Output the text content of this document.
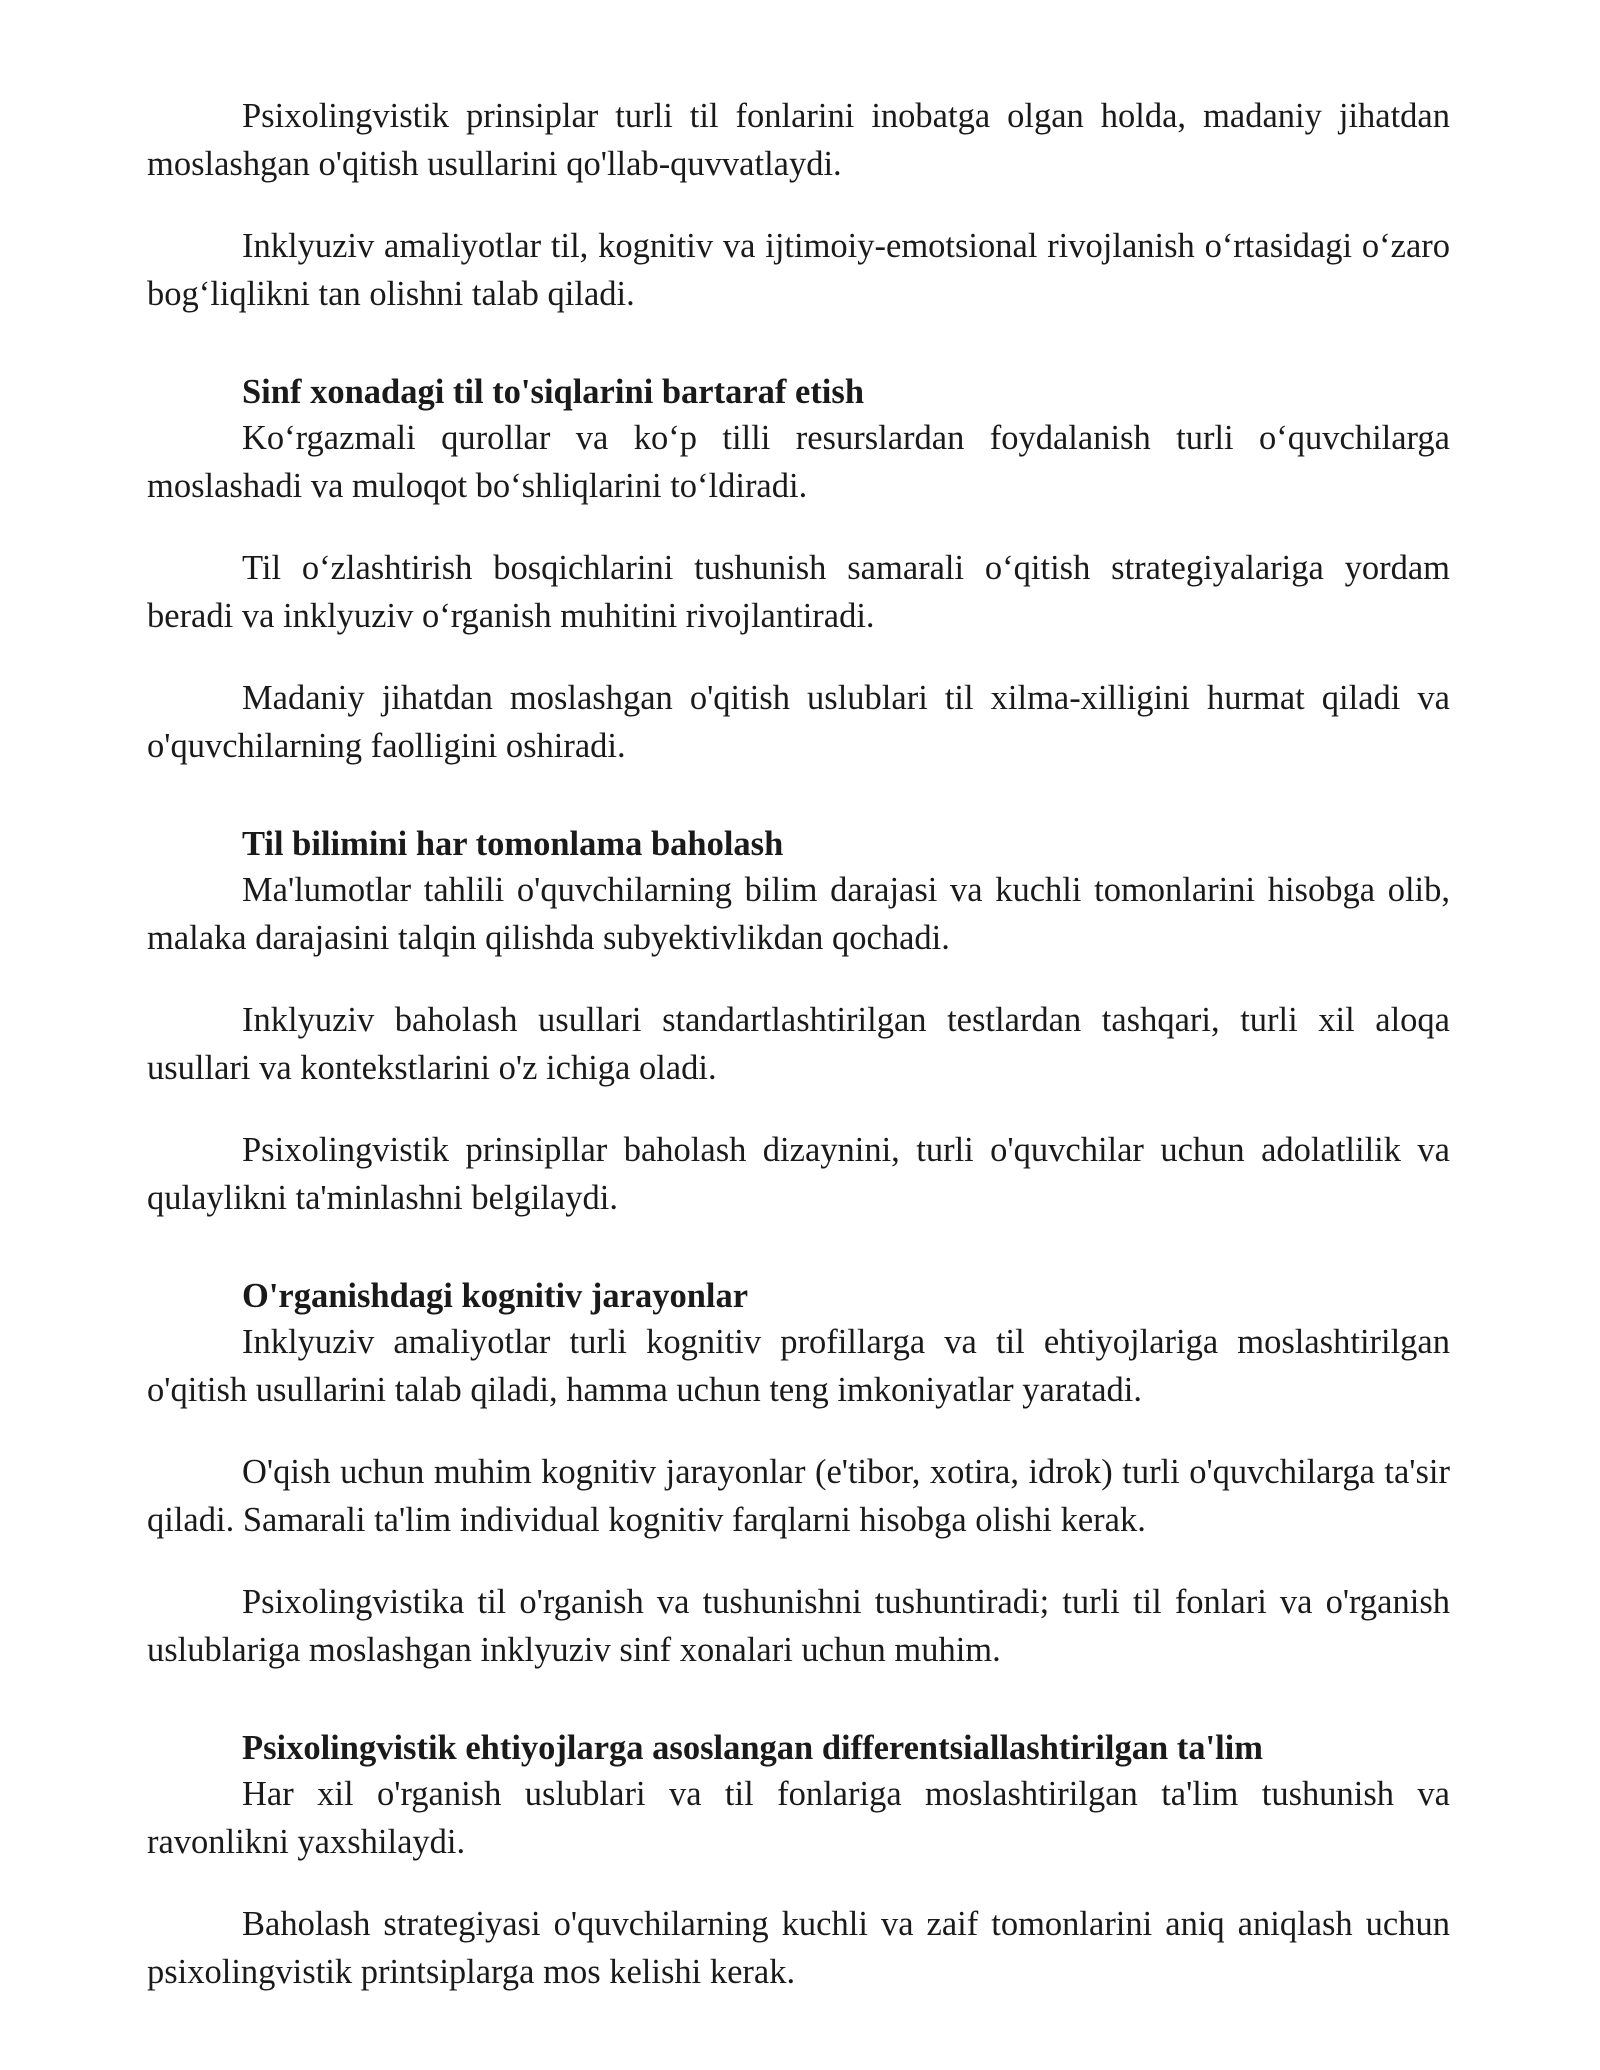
Psixolingvistik prinsiplar turli til fonlarini inobatga olgan holda, madaniy jihatdan moslashgan o'qitish usullarini qo'llab-quvvatlaydi.

Inklyuziv amaliyotlar til, kognitiv va ijtimoiy-emotsional rivojlanish o‘rtasidagi o‘zaro bog‘liqlikni tan olishni talab qiladi.

Sinf xonadagi til to'siqlarini bartaraf etish

Ko‘rgazmali qurollar va ko‘p tilli resurslardan foydalanish turli o‘quvchilarga moslashadi va muloqot bo‘shliqlarini to‘ldiradi.

Til o‘zlashtirish bosqichlarini tushunish samarali o‘qitish strategiyalariga yordam beradi va inklyuziv o‘rganish muhitini rivojlantiradi.

Madaniy jihatdan moslashgan o'qitish uslublari til xilma-xilligini hurmat qiladi va o'quvchilarning faolligini oshiradi.

Til bilimini har tomonlama baholash

Ma'lumotlar tahlili o'quvchilarning bilim darajasi va kuchli tomonlarini hisobga olib, malaka darajasini talqin qilishda subyektivlikdan qochadi.

Inklyuziv baholash usullari standartlashtirilgan testlardan tashqari, turli xil aloqa usullari va kontekstlarini o'z ichiga oladi.

Psixolingvistik prinsipllar baholash dizaynini, turli o'quvchilar uchun adolatlilik va qulaylikni ta'minlashni belgilaydi.

O'rganishdagi kognitiv jarayonlar

Inklyuziv amaliyotlar turli kognitiv profillarga va til ehtiyojlariga moslashtirilgan o'qitish usullarini talab qiladi, hamma uchun teng imkoniyatlar yaratadi.

O'qish uchun muhim kognitiv jarayonlar (e'tibor, xotira, idrok) turli o'quvchilarga ta'sir qiladi. Samarali ta'lim individual kognitiv farqlarni hisobga olishi kerak.

Psixolingvistika til o'rganish va tushunishni tushuntiradi; turli til fonlari va o'rganish uslublariga moslashgan inklyuziv sinf xonalari uchun muhim.

Psixolingvistik ehtiyojlarga asoslangan differentsiallashtirilgan ta'lim

Har xil o'rganish uslublari va til fonlariga moslashtirilgan ta'lim tushunish va ravonlikni yaxshilaydi.

Baholash strategiyasi o'quvchilarning kuchli va zaif tomonlarini aniq aniqlash uchun psixolingvistik printsiplarga mos kelishi kerak.
